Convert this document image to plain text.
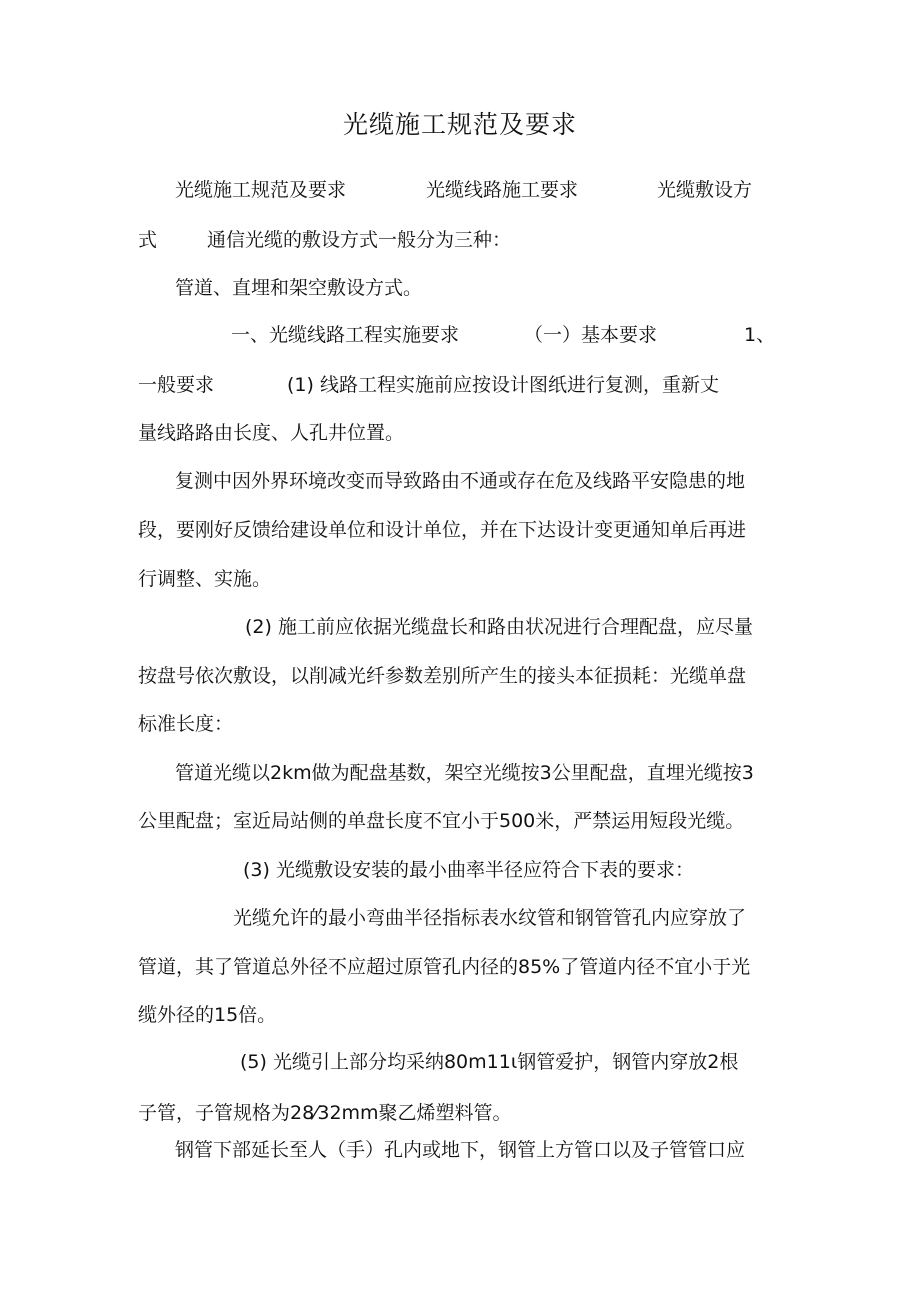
光缆施工规范及要求
光缆施工规范及要求	光缆线路施工要求	光缆敷设方
式	通信光缆的敷设方式一般分为三种：
管道、直埋和架空敷设方式。
一、光缆线路工程实施要求	（一）基本要求	1、
一般要求	(1) 线路工程实施前应按设计图纸进行复测，重新丈
量线路路由长度、人孔井位置。
复测中因外界环境改变而导致路由不通或存在危及线路平安隐患的地
段，要刚好反馈给建设单位和设计单位，并在下达设计变更通知单后再进
行调整、实施。
(2) 施工前应依据光缆盘长和路由状况进行合理配盘，应尽量
按盘号依次敷设，以削减光纤参数差别所产生的接头本征损耗：光缆单盘
标准长度：
管道光缆以2km做为配盘基数，架空光缆按3公里配盘，直埋光缆按3
公里配盘；室近局站侧的单盘长度不宜小于500米，严禁运用短段光缆。
(3) 光缆敷设安装的最小曲率半径应符合下表的要求：
光缆允许的最小弯曲半径指标表水纹管和钢管管孔内应穿放了
管道，其了管道总外径不应超过原管孔内径的85%了管道内径不宜小于光
缆外径的15倍。
(5) 光缆引上部分均采纳80m11ι钢管爱护，钢管内穿放2根
子管，子管规格为28⁄32mm聚乙烯塑料管。
钢管下部延长至人（手）孔内或地下，钢管上方管口以及子管管口应
